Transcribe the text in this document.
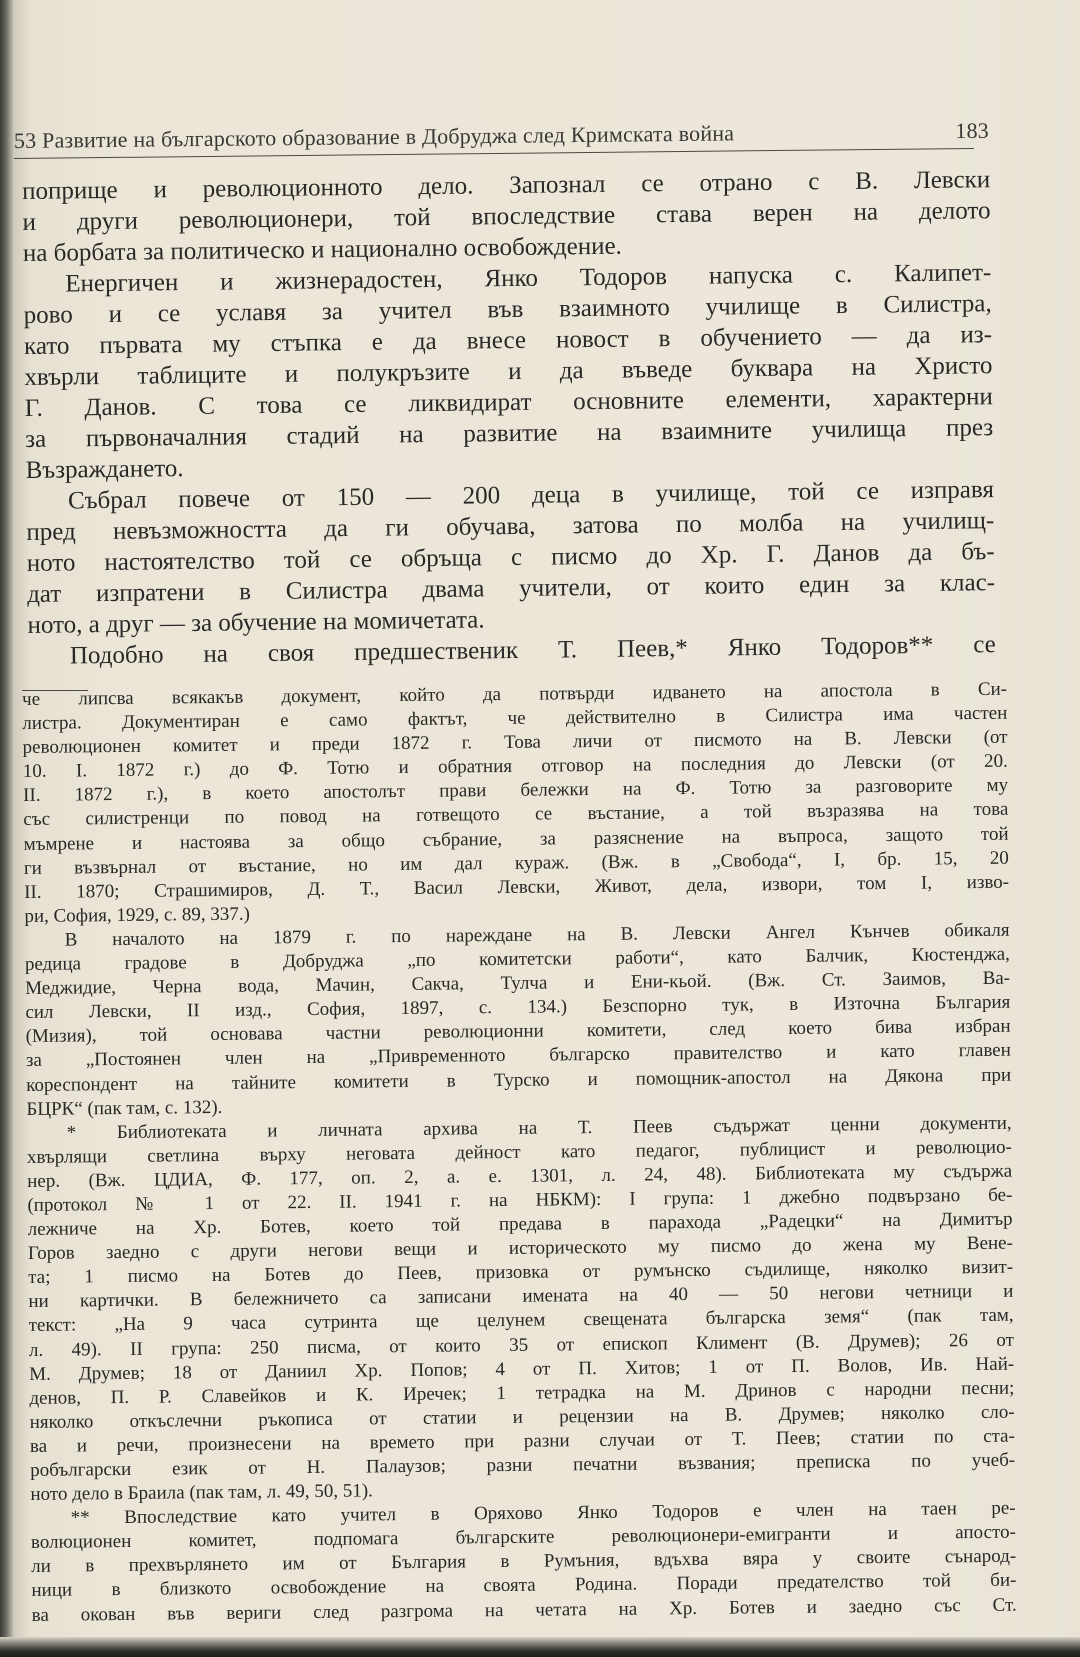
53 Развитие на българското образование в Добруджа след Кримската война	183
поприще и революционното дело. Запознал се отрано с В. Левски
и други революционери, той впоследствие става верен на делото
на борбата за политическо и национално освобождение.
Енергичен и жизнерадостен, Янко Тодоров напуска с. Калипет-
рово и се уславя за учител във взаимното училище в Силистра,
като първата му стъпка е да внесе новост в обучението — да из-
хвърли таблиците и полукръзите и да въведе буквара на Христо
Г. Данов. С това се ликвидират основните елементи, характерни
за първоначалния стадий на развитие на взаимните училища през
Възраждането.
Събрал повече от 150 — 200 деца в училище, той се изправя
пред невъзможността да ги обучава, затова по молба на училищ-
ното настоятелство той се обръща с писмо до Хр. Г. Данов да бъ-
дат изпратени в Силистра двама учители, от които един за клас-
ното, а друг — за обучение на момичетата.
Подобно на своя предшественик Т. Пеев,* Янко Тодоров** се
че липсва всякакъв документ, който да потвърди идването на апостола в Си-
листра. Документиран е само фактът, че действително в Силистра има частен
революционен комитет и преди 1872 г. Това личи от писмото на В. Левски (от
10. I. 1872 г.) до Ф. Тотю и обратния отговор на последния до Левски (от 20.
II. 1872 г.), в което апостолът прави бележки на Ф. Тотю за разговорите му
със силистренци по повод на готвещото се въстание, а той възразява на това
мъмрене и настоява за общо събрание, за разяснение на въпроса, защото той
ги възвърнал от въстание, но им дал кураж. (Вж. в „Свобода“, I, бр. 15, 20
II. 1870; Страшимиров, Д. Т., Васил Левски, Живот, дела, извори, том I, изво-
ри, София, 1929, с. 89, 337.)
В началото на 1879 г. по нареждане на В. Левски Ангел Кънчев обикаля
редица градове в Добруджа „по комитетски работи“, като Балчик, Кюстенджа,
Меджидие, Черна вода, Мачин, Сакча, Тулча и Ени-кьой. (Вж. Ст. Заимов, Ва-
сил Левски, II изд., София, 1897, с. 134.) Безспорно тук, в Източна България
(Мизия), той основава частни революционни комитети, след което бива избран
за „Постоянен член на „Привременното българско правителство и като главен
кореспондент на тайните комитети в Турско и помощник-апостол на Дякона при
БЦРК“ (пак там, с. 132).
* Библиотеката и личната архива на Т. Пеев съдържат ценни документи,
хвърлящи светлина върху неговата дейност като педагог, публицист и революцио-
нер. (Вж. ЦДИА, Ф. 177, оп. 2, а. е. 1301, л. 24, 48). Библиотеката му съдържа
(протокол № 1 от 22. II. 1941 г. на НБКМ): I група: 1 джебно подвързано бе-
лежниче на Хр. Ботев, което той предава в парахода „Радецки“ на Димитър
Горов заедно с други негови вещи и историческото му писмо до жена му Вене-
та; 1 писмо на Ботев до Пеев, призовка от румънско съдилище, няколко визит-
ни картички. В бележничето са записани имената на 40 — 50 негови четници и
текст: „На 9 часа сутринта ще целунем свещената българска земя“ (пак там,
л. 49). II група: 250 писма, от които 35 от епископ Климент (В. Друмев); 26 от
М. Друмев; 18 от Даниил Хр. Попов; 4 от П. Хитов; 1 от П. Волов, Ив. Най-
денов, П. Р. Славейков и К. Иречек; 1 тетрадка на М. Дринов с народни песни;
няколко откъслечни ръкописа от статии и рецензии на В. Друмев; няколко сло-
ва и речи, произнесени на времето при разни случаи от Т. Пеев; статии по ста-
робългарски език от Н. Палаузов; разни печатни възвания; преписка по учеб-
ното дело в Браила (пак там, л. 49, 50, 51).
** Впоследствие като учител в Оряхово Янко Тодоров е член на таен ре-
волюционен комитет, подпомага българските революционери-емигранти и апосто-
ли в прехвърлянето им от България в Румъния, вдъхва вяра у своите сънарод-
ници в близкото освобождение на своята Родина. Поради предателство той би-
ва окован във вериги след разгрома на четата на Хр. Ботев и заедно със Ст.
